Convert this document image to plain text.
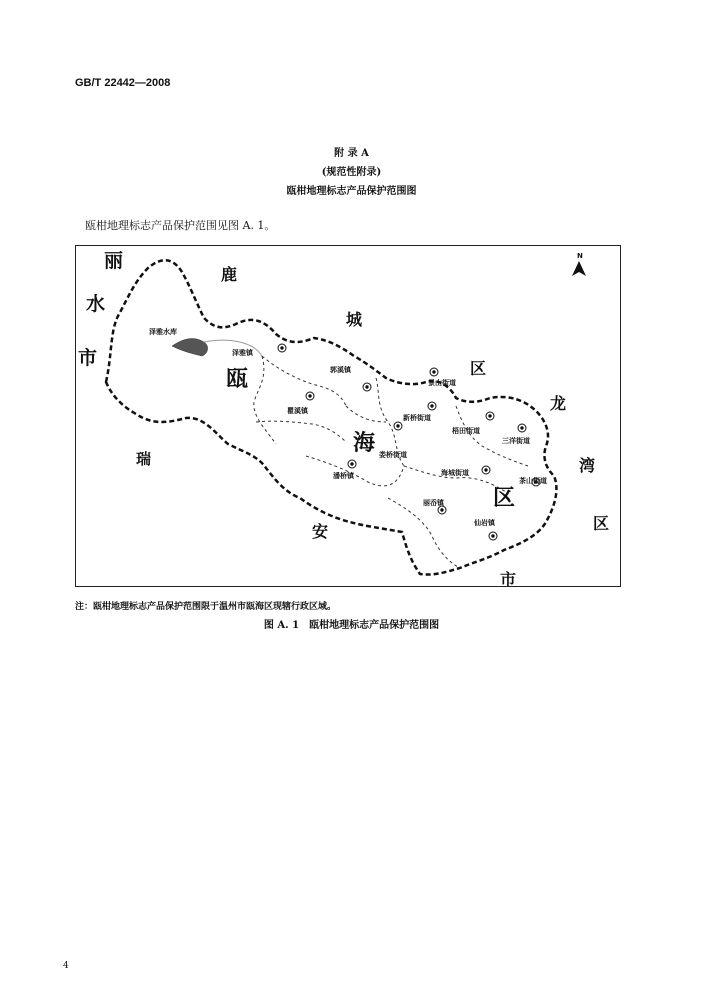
GB/T 22442—2008
附 录 A
(规范性附录)
瓯柑地理标志产品保护范围图
瓯柑地理标志产品保护范围见图 A. 1。
N
丽
水
市
鹿
城
区
龙
湾
区
瑞
安
市
瓯
海
区
泽雅水库
泽雅镇
郭溪镇
瞿溪镇
景山街道
新桥街道
梧田街道
娄桥街道
三洋街道
潘桥镇	海城街道
茶山街道
丽岙镇
仙岩镇
注：瓯柑地理标志产品保护范围限于温州市瓯海区现辖行政区域。
图 A. 1　瓯柑地理标志产品保护范围图
4
